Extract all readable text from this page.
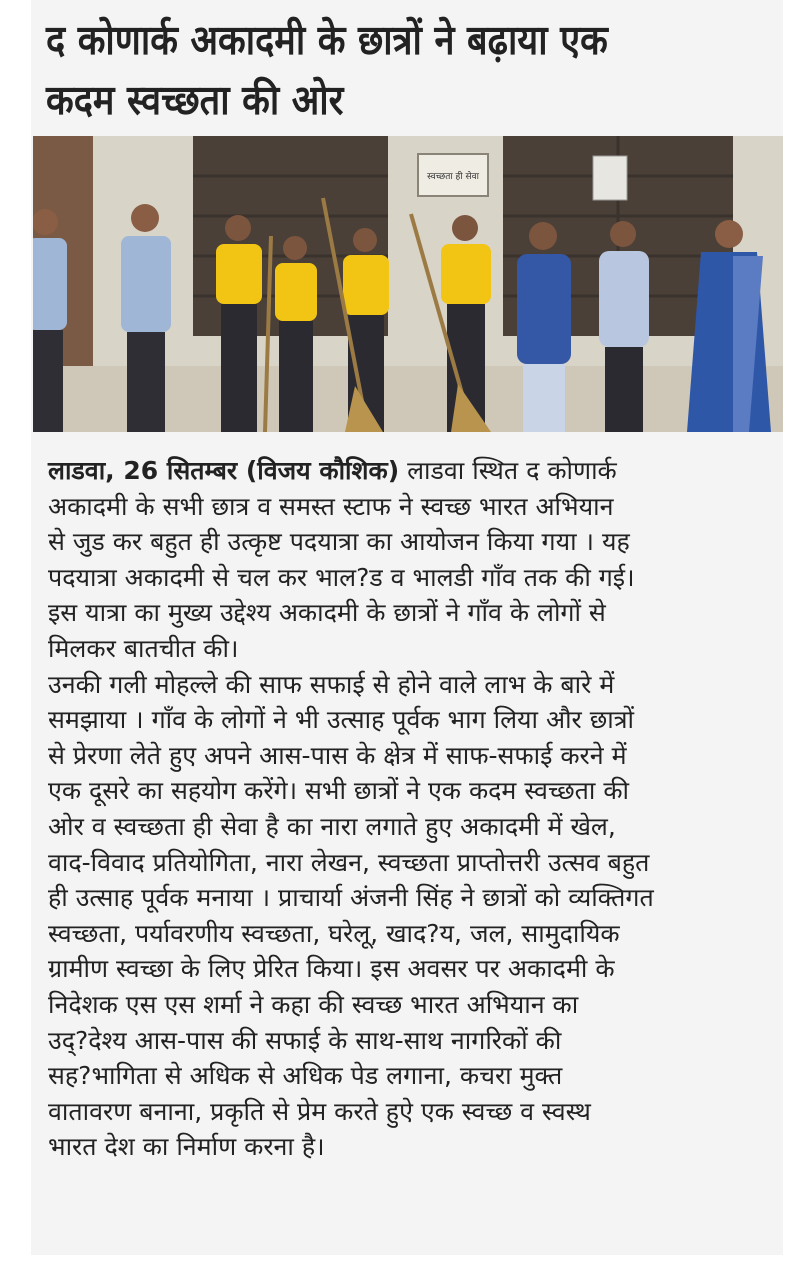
द कोणार्क अकादमी के छात्रों ने बढ़ाया एक
कदम स्वच्छता की ओर
स्वच्छता ही सेवा
लाडवा, 26 सितम्बर (विजय कौशिक) लाडवा स्थित द कोणार्क
अकादमी के सभी छात्र व समस्त स्टाफ ने स्वच्छ भारत अभियान
से जुड कर बहुत ही उत्कृष्ट पदयात्रा का आयोजन किया गया । यह
पदयात्रा अकादमी से चल कर भाल?ड व भालडी गाँव तक की गई।
इस यात्रा का मुख्य उद्देश्य अकादमी के छात्रों ने गाँव के लोगों से
मिलकर बातचीत की।
उनकी गली मोहल्ले की साफ सफाई से होने वाले लाभ के बारे में
समझाया । गाँव के लोगों ने भी उत्साह पूर्वक भाग लिया और छात्रों
से प्रेरणा लेते हुए अपने आस-पास के क्षेत्र में साफ-सफाई करने में
एक दूसरे का सहयोग करेंगे। सभी छात्रों ने एक कदम स्वच्छता की
ओर व स्वच्छता ही सेवा है का नारा लगाते हुए अकादमी में खेल,
वाद-विवाद प्रतियोगिता, नारा लेखन, स्वच्छता प्राप्तोत्तरी उत्सव बहुत
ही उत्साह पूर्वक मनाया । प्राचार्या अंजनी सिंह ने छात्रों को व्यक्तिगत
स्वच्छता, पर्यावरणीय स्वच्छता, घरेलू, खाद?य, जल, सामुदायिक
ग्रामीण स्वच्छा के लिए प्रेरित किया। इस अवसर पर अकादमी के
निदेशक एस एस शर्मा ने कहा की स्वच्छ भारत अभियान का
उद्?देश्य आस-पास की सफाई के साथ-साथ नागरिकों की
सह?भागिता से अधिक से अधिक पेड लगाना, कचरा मुक्त
वातावरण बनाना, प्रकृति से प्रेम करते हुऐ एक स्वच्छ व स्वस्थ
भारत देश का निर्माण करना है।
